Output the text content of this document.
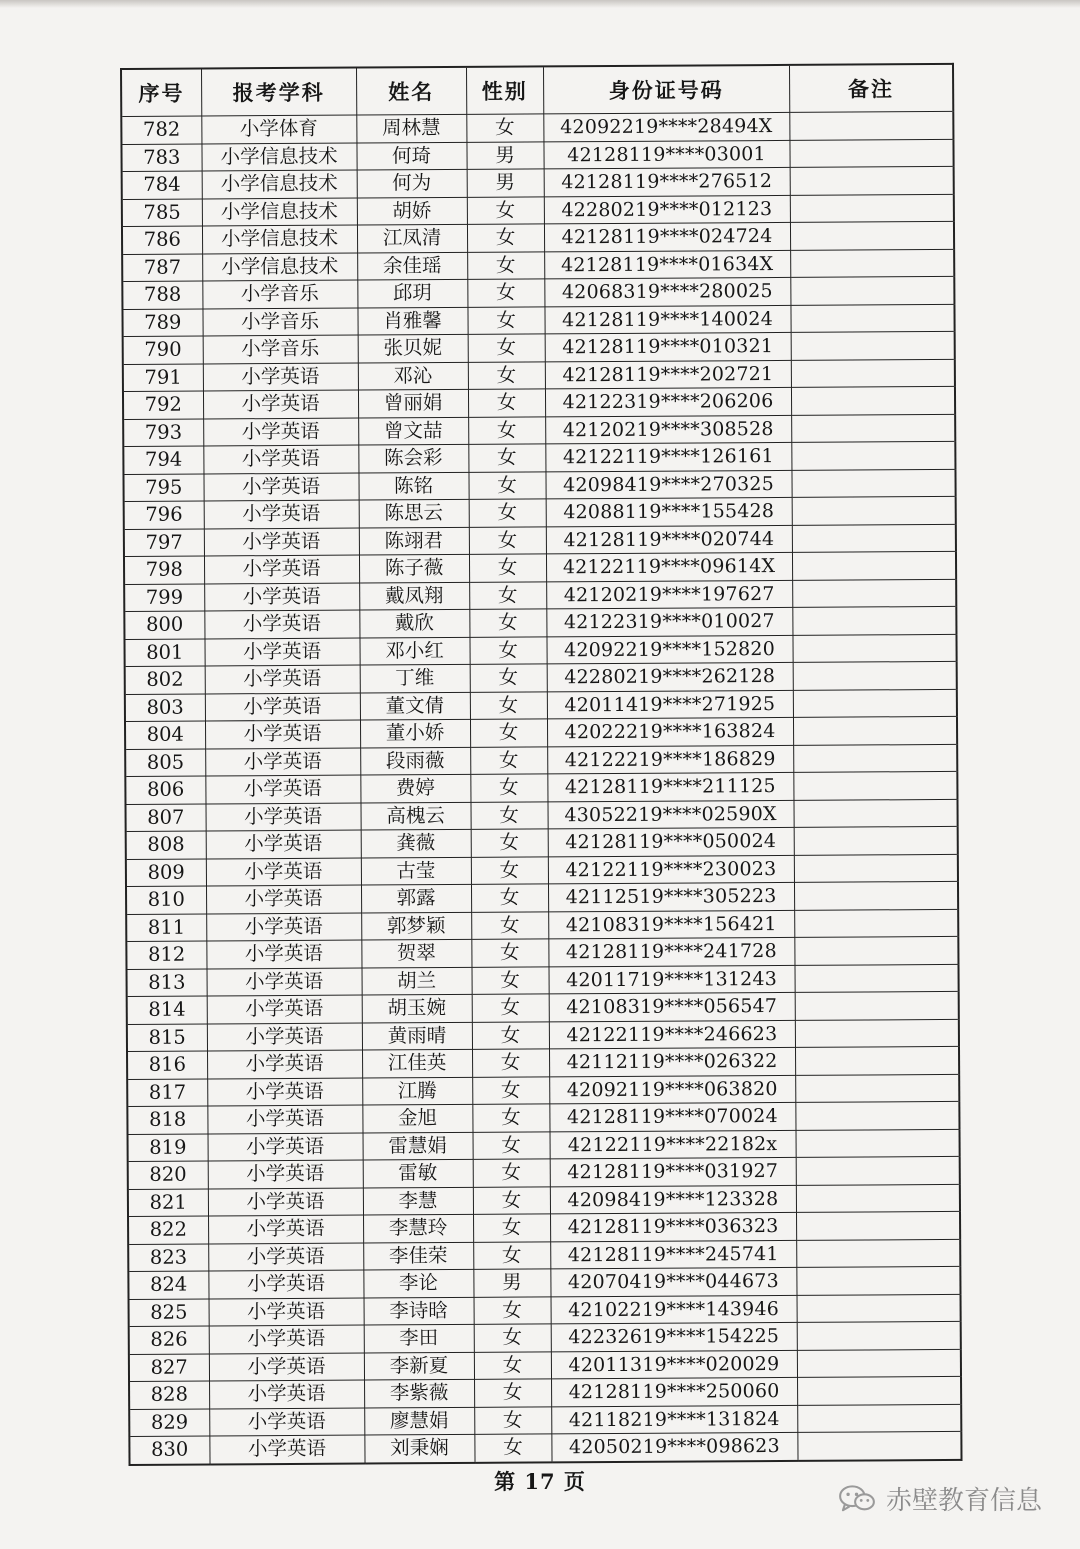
序号	报考学科	姓名	性别	身份证号码	备注
782	小学体育	周林慧	女	42092219****28494X	
783	小学信息技术	何琦	男	42128119****03001	
784	小学信息技术	何为	男	42128119****276512	
785	小学信息技术	胡娇	女	42280219****012123	
786	小学信息技术	江凤清	女	42128119****024724	
787	小学信息技术	余佳瑶	女	42128119****01634X	
788	小学音乐	邱玥	女	42068319****280025	
789	小学音乐	肖雅馨	女	42128119****140024	
790	小学音乐	张贝妮	女	42128119****010321	
791	小学英语	邓沁	女	42128119****202721	
792	小学英语	曾丽娟	女	42122319****206206	
793	小学英语	曾文喆	女	42120219****308528	
794	小学英语	陈会彩	女	42122119****126161	
795	小学英语	陈铭	女	42098419****270325	
796	小学英语	陈思云	女	42088119****155428	
797	小学英语	陈翊君	女	42128119****020744	
798	小学英语	陈子薇	女	42122119****09614X	
799	小学英语	戴凤翔	女	42120219****197627	
800	小学英语	戴欣	女	42122319****010027	
801	小学英语	邓小红	女	42092219****152820	
802	小学英语	丁维	女	42280219****262128	
803	小学英语	董文倩	女	42011419****271925	
804	小学英语	董小娇	女	42022219****163824	
805	小学英语	段雨薇	女	42122219****186829	
806	小学英语	费婷	女	42128119****211125	
807	小学英语	高槐云	女	43052219****02590X	
808	小学英语	龚薇	女	42128119****050024	
809	小学英语	古莹	女	42122119****230023	
810	小学英语	郭露	女	42112519****305223	
811	小学英语	郭梦颖	女	42108319****156421	
812	小学英语	贺翠	女	42128119****241728	
813	小学英语	胡兰	女	42011719****131243	
814	小学英语	胡玉婉	女	42108319****056547	
815	小学英语	黄雨晴	女	42122119****246623	
816	小学英语	江佳英	女	42112119****026322	
817	小学英语	江腾	女	42092119****063820	
818	小学英语	金旭	女	42128119****070024	
819	小学英语	雷慧娟	女	42122119****22182x	
820	小学英语	雷敏	女	42128119****031927	
821	小学英语	李慧	女	42098419****123328	
822	小学英语	李慧玲	女	42128119****036323	
823	小学英语	李佳荣	女	42128119****245741	
824	小学英语	李论	男	42070419****044673	
825	小学英语	李诗晗	女	42102219****143946	
826	小学英语	李田	女	42232619****154225	
827	小学英语	李新夏	女	42011319****020029	
828	小学英语	李紫薇	女	42128119****250060	
829	小学英语	廖慧娟	女	42118219****131824	
830	小学英语	刘秉娴	女	42050219****098623	
第 17 页
赤壁教育信息
